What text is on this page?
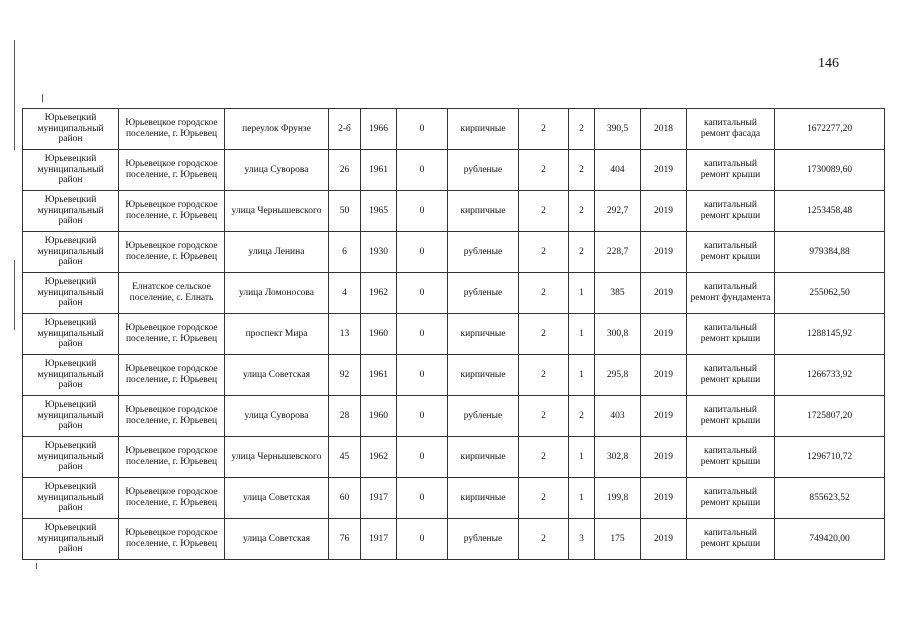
146
Юрьевецкий муниципальный район	Юрьевецкое городское поселение, г. Юрьевец	переулок Фрунзе	2-б	1966	0	кирпичные	2	2	390,5	2018	капитальный ремонт фасада	1672277,20
Юрьевецкий муниципальный район	Юрьевецкое городское поселение, г. Юрьевец	улица Суворова	26	1961	0	рубленые	2	2	404	2019	капитальный ремонт крыши	1730089,60
Юрьевецкий муниципальный район	Юрьевецкое городское поселение, г. Юрьевец	улица Чернышевского	50	1965	0	кирпичные	2	2	292,7	2019	капитальный ремонт крыши	1253458,48
Юрьевецкий муниципальный район	Юрьевецкое городское поселение, г. Юрьевец	улица Ленина	6	1930	0	рубленые	2	2	228,7	2019	капитальный ремонт крыши	979384,88
Юрьевецкий муниципальный район	Елнатское сельское поселение, с. Елнать	улица Ломоносова	4	1962	0	рубленые	2	1	385	2019	капитальный ремонт фундамента	255062,50
Юрьевецкий муниципальный район	Юрьевецкое городское поселение, г. Юрьевец	проспект Мира	13	1960	0	кирпичные	2	1	300,8	2019	капитальный ремонт крыши	1288145,92
Юрьевецкий муниципальный район	Юрьевецкое городское поселение, г. Юрьевец	улица Советская	92	1961	0	кирпичные	2	1	295,8	2019	капитальный ремонт крыши	1266733,92
Юрьевецкий муниципальный район	Юрьевецкое городское поселение, г. Юрьевец	улица Суворова	28	1960	0	рубленые	2	2	403	2019	капитальный ремонт крыши	1725807,20
Юрьевецкий муниципальный район	Юрьевецкое городское поселение, г. Юрьевец	улица Чернышевского	45	1962	0	кирпичные	2	1	302,8	2019	капитальный ремонт крыши	1296710,72
Юрьевецкий муниципальный район	Юрьевецкое городское поселение, г. Юрьевец	улица Советская	60	1917	0	кирпичные	2	1	199,8	2019	капитальный ремонт крыши	855623,52
Юрьевецкий муниципальный район	Юрьевецкое городское поселение, г. Юрьевец	улица Советская	76	1917	0	рубленые	2	3	175	2019	капитальный ремонт крыши	749420,00
